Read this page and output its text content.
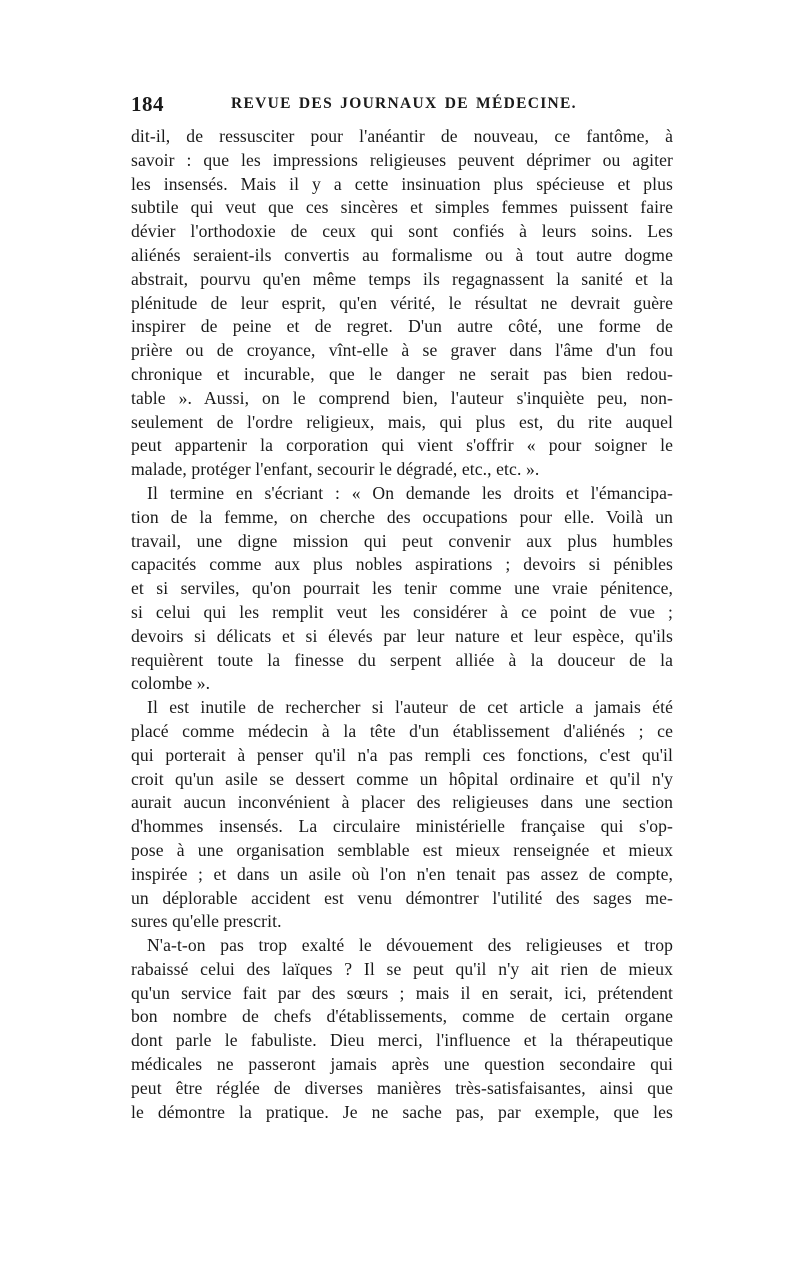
184	REVUE DES JOURNAUX DE MÉDECINE.
dit-il, de ressusciter pour l'anéantir de nouveau, ce fantôme, à
savoir : que les impressions religieuses peuvent déprimer ou agiter
les insensés. Mais il y a cette insinuation plus spécieuse et plus
subtile qui veut que ces sincères et simples femmes puissent faire
dévier l'orthodoxie de ceux qui sont confiés à leurs soins. Les
aliénés seraient-ils convertis au formalisme ou à tout autre dogme
abstrait, pourvu qu'en même temps ils regagnassent la sanité et la
plénitude de leur esprit, qu'en vérité, le résultat ne devrait guère
inspirer de peine et de regret. D'un autre côté, une forme de
prière ou de croyance, vînt-elle à se graver dans l'âme d'un fou
chronique et incurable, que le danger ne serait pas bien redou-
table ». Aussi, on le comprend bien, l'auteur s'inquiète peu, non-
seulement de l'ordre religieux, mais, qui plus est, du rite auquel
peut appartenir la corporation qui vient s'offrir « pour soigner le
malade, protéger l'enfant, secourir le dégradé, etc., etc. ».
Il termine en s'écriant : « On demande les droits et l'émancipa-
tion de la femme, on cherche des occupations pour elle. Voilà un
travail, une digne mission qui peut convenir aux plus humbles
capacités comme aux plus nobles aspirations ; devoirs si pénibles
et si serviles, qu'on pourrait les tenir comme une vraie pénitence,
si celui qui les remplit veut les considérer à ce point de vue ;
devoirs si délicats et si élevés par leur nature et leur espèce, qu'ils
requièrent toute la finesse du serpent alliée à la douceur de la
colombe ».
Il est inutile de rechercher si l'auteur de cet article a jamais été
placé comme médecin à la tête d'un établissement d'aliénés ; ce
qui porterait à penser qu'il n'a pas rempli ces fonctions, c'est qu'il
croit qu'un asile se dessert comme un hôpital ordinaire et qu'il n'y
aurait aucun inconvénient à placer des religieuses dans une section
d'hommes insensés. La circulaire ministérielle française qui s'op-
pose à une organisation semblable est mieux renseignée et mieux
inspirée ; et dans un asile où l'on n'en tenait pas assez de compte,
un déplorable accident est venu démontrer l'utilité des sages me-
sures qu'elle prescrit.
N'a-t-on pas trop exalté le dévouement des religieuses et trop
rabaissé celui des laïques ? Il se peut qu'il n'y ait rien de mieux
qu'un service fait par des sœurs ; mais il en serait, ici, prétendent
bon nombre de chefs d'établissements, comme de certain organe
dont parle le fabuliste. Dieu merci, l'influence et la thérapeutique
médicales ne passeront jamais après une question secondaire qui
peut être réglée de diverses manières très-satisfaisantes, ainsi que
le démontre la pratique. Je ne sache pas, par exemple, que les
